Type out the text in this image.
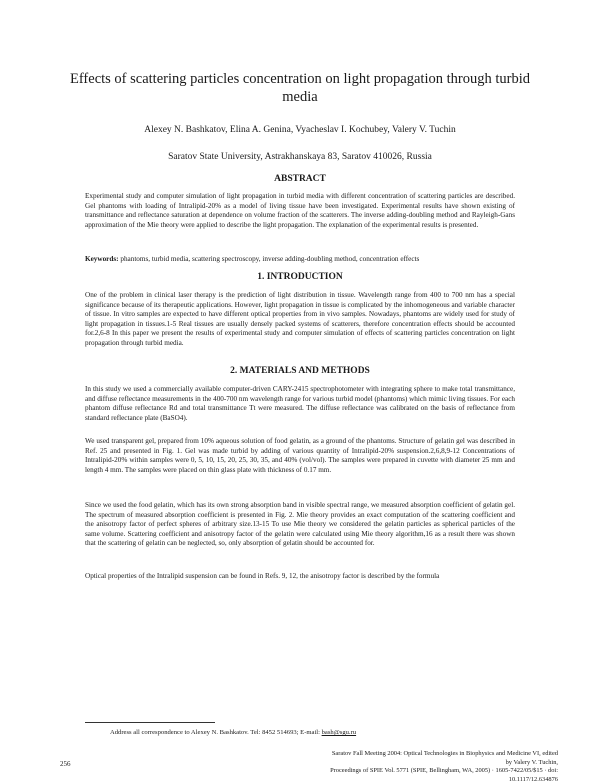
Effects of scattering particles concentration on light propagation through turbid media
Alexey N. Bashkatov, Elina A. Genina, Vyacheslav I. Kochubey, Valery V. Tuchin
Saratov State University, Astrakhanskaya 83, Saratov 410026, Russia
ABSTRACT

Experimental study and computer simulation of light propagation in turbid media with different concentration of scattering particles are described. Gel phantoms with loading of Intralipid-20% as a model of living tissue have been investigated. Experimental results have shown existing of transmittance and reflectance saturation at dependence on volume fraction of the scatterers. The inverse adding-doubling method and Rayleigh-Gans approximation of the Mie theory were applied to describe the light propagation. The explanation of the experimental results is presented.

Keywords: phantoms, turbid media, scattering spectroscopy, inverse adding-doubling method, concentration effects
1. INTRODUCTION

One of the problem in clinical laser therapy is the prediction of light distribution in tissue. Wavelength range from 400 to 700 nm has a special significance because of its therapeutic applications. However, light propagation in tissue is complicated by the inhomogeneous and variable character of tissue. In vitro samples are expected to have different optical properties from in vivo samples. Nowadays, phantoms are widely used for study of light propagation in tissues.1-5 Real tissues are usually densely packed systems of scatterers, therefore concentration effects should be accounted for.2,6-8 In this paper we present the results of experimental study and computer simulation of effects of scattering particles concentration on light propagation through turbid media.

2. MATERIALS AND METHODS

In this study we used a commercially available computer-driven CARY-2415 spectrophotometer with integrating sphere to make total transmittance, and diffuse reflectance measurements in the 400-700 nm wavelength range for various turbid model (phantoms) which mimic living tissues. For each phantom diffuse reflectance Rd and total transmittance Tt were measured. The diffuse reflectance was calibrated on the basis of reflectance from standard reflectance plate (BaSO4).

We used transparent gel, prepared from 10% aqueous solution of food gelatin, as a ground of the phantoms. Structure of gelatin gel was described in Ref. 25 and presented in Fig. 1. Gel was made turbid by adding of various quantity of Intralipid-20% suspension.2,6,8,9-12 Concentrations of Intralipid-20% within samples were 0, 5, 10, 15, 20, 25, 30, 35, and 40% (vol/vol). The samples were prepared in cuvette with diameter 25 mm and length 4 mm. The samples were placed on thin glass plate with thickness of 0.17 mm.

Since we used the food gelatin, which has its own strong absorption band in visible spectral range, we measured absorption coefficient of gelatin gel. The spectrum of measured absorption coefficient is presented in Fig. 2. Mie theory provides an exact computation of the scattering coefficient and the anisotropy factor of perfect spheres of arbitrary size.13-15 To use Mie theory we considered the gelatin particles as spherical particles of the same volume. Scattering coefficient and anisotropy factor of the gelatin were calculated using Mie theory algorithm,16 as a result there was shown that the scattering of gelatin can be neglected, so, only absorption of gelatin should be accounted for.

Optical properties of the Intralipid suspension can be found in Refs. 9, 12, the anisotropy factor is described by the formula

Address all correspondence to Alexey N. Bashkatov. Tel: 8452 514693; E-mail: bash@sgu.ru
256
Saratov Fall Meeting 2004: Optical Technologies in Biophysics and Medicine VI, edited by Valery V. Tuchin,
Proceedings of SPIE Vol. 5771 (SPIE, Bellingham, WA, 2005) · 1605-7422/05/$15 · doi: 10.1117/12.634876
